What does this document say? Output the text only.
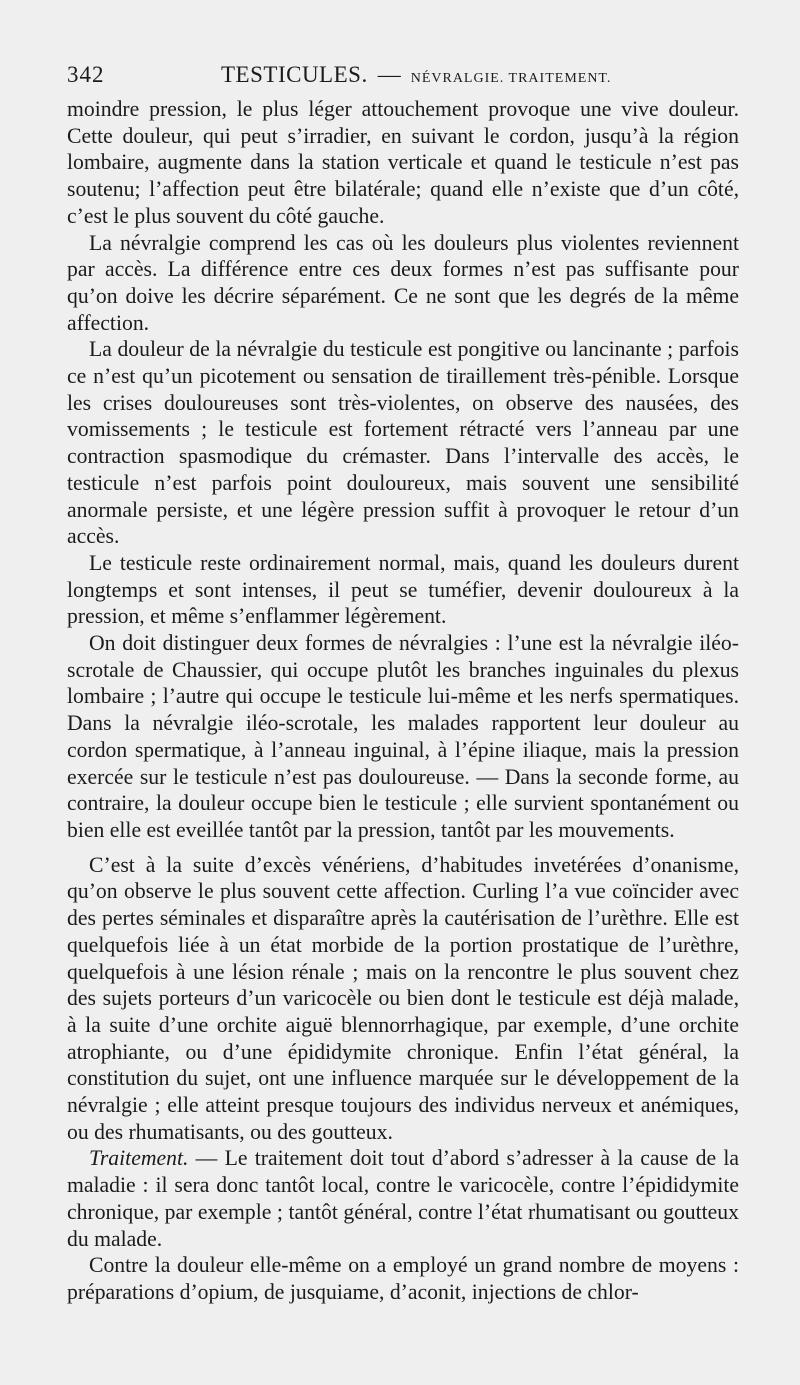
342	TESTICULES. — NÉVRALGIE. TRAITEMENT.

moindre pression, le plus léger attouchement provoque une vive douleur. Cette douleur, qui peut s’irradier, en suivant le cordon, jusqu’à la région lombaire, augmente dans la station verticale et quand le testicule n’est pas soutenu; l’affection peut être bilatérale; quand elle n’existe que d’un côté, c’est le plus souvent du côté gauche.

La névralgie comprend les cas où les douleurs plus violentes reviennent par accès. La différence entre ces deux formes n’est pas suffisante pour qu’on doive les décrire séparément. Ce ne sont que les degrés de la même affection.

La douleur de la névralgie du testicule est pongitive ou lancinante ; parfois ce n’est qu’un picotement ou sensation de tiraillement très-pénible. Lorsque les crises douloureuses sont très-violentes, on observe des nausées, des vomissements ; le testicule est fortement rétracté vers l’anneau par une contraction spasmodique du crémaster. Dans l’intervalle des accès, le testicule n’est parfois point douloureux, mais souvent une sensibilité anormale persiste, et une légère pression suffit à provoquer le retour d’un accès.

Le testicule reste ordinairement normal, mais, quand les douleurs durent longtemps et sont intenses, il peut se tuméfier, devenir douloureux à la pression, et même s’enflammer légèrement.

On doit distinguer deux formes de névralgies : l’une est la névralgie iléo-scrotale de Chaussier, qui occupe plutôt les branches inguinales du plexus lombaire ; l’autre qui occupe le testicule lui-même et les nerfs spermatiques. Dans la névralgie iléo-scrotale, les malades rapportent leur douleur au cordon spermatique, à l’anneau inguinal, à l’épine iliaque, mais la pression exercée sur le testicule n’est pas douloureuse. — Dans la seconde forme, au contraire, la douleur occupe bien le testicule ; elle survient spontanément ou bien elle est eveillée tantôt par la pression, tantôt par les mouvements.

C’est à la suite d’excès vénériens, d’habitudes invetérées d’onanisme, qu’on observe le plus souvent cette affection. Curling l’a vue coïncider avec des pertes séminales et disparaître après la cautérisation de l’urèthre. Elle est quelquefois liée à un état morbide de la portion prostatique de l’urèthre, quelquefois à une lésion rénale ; mais on la rencontre le plus souvent chez des sujets porteurs d’un varicocèle ou bien dont le testicule est déjà malade, à la suite d’une orchite aiguë blennorrhagique, par exemple, d’une orchite atrophiante, ou d’une épididymite chronique. Enfin l’état général, la constitution du sujet, ont une influence marquée sur le développement de la névralgie ; elle atteint presque toujours des individus nerveux et anémiques, ou des rhumatisants, ou des goutteux.

Traitement. — Le traitement doit tout d’abord s’adresser à la cause de la maladie : il sera donc tantôt local, contre le varicocèle, contre l’épididymite chronique, par exemple ; tantôt général, contre l’état rhumatisant ou goutteux du malade.

Contre la douleur elle-même on a employé un grand nombre de moyens : préparations d’opium, de jusquiame, d’aconit, injections de chlor-
